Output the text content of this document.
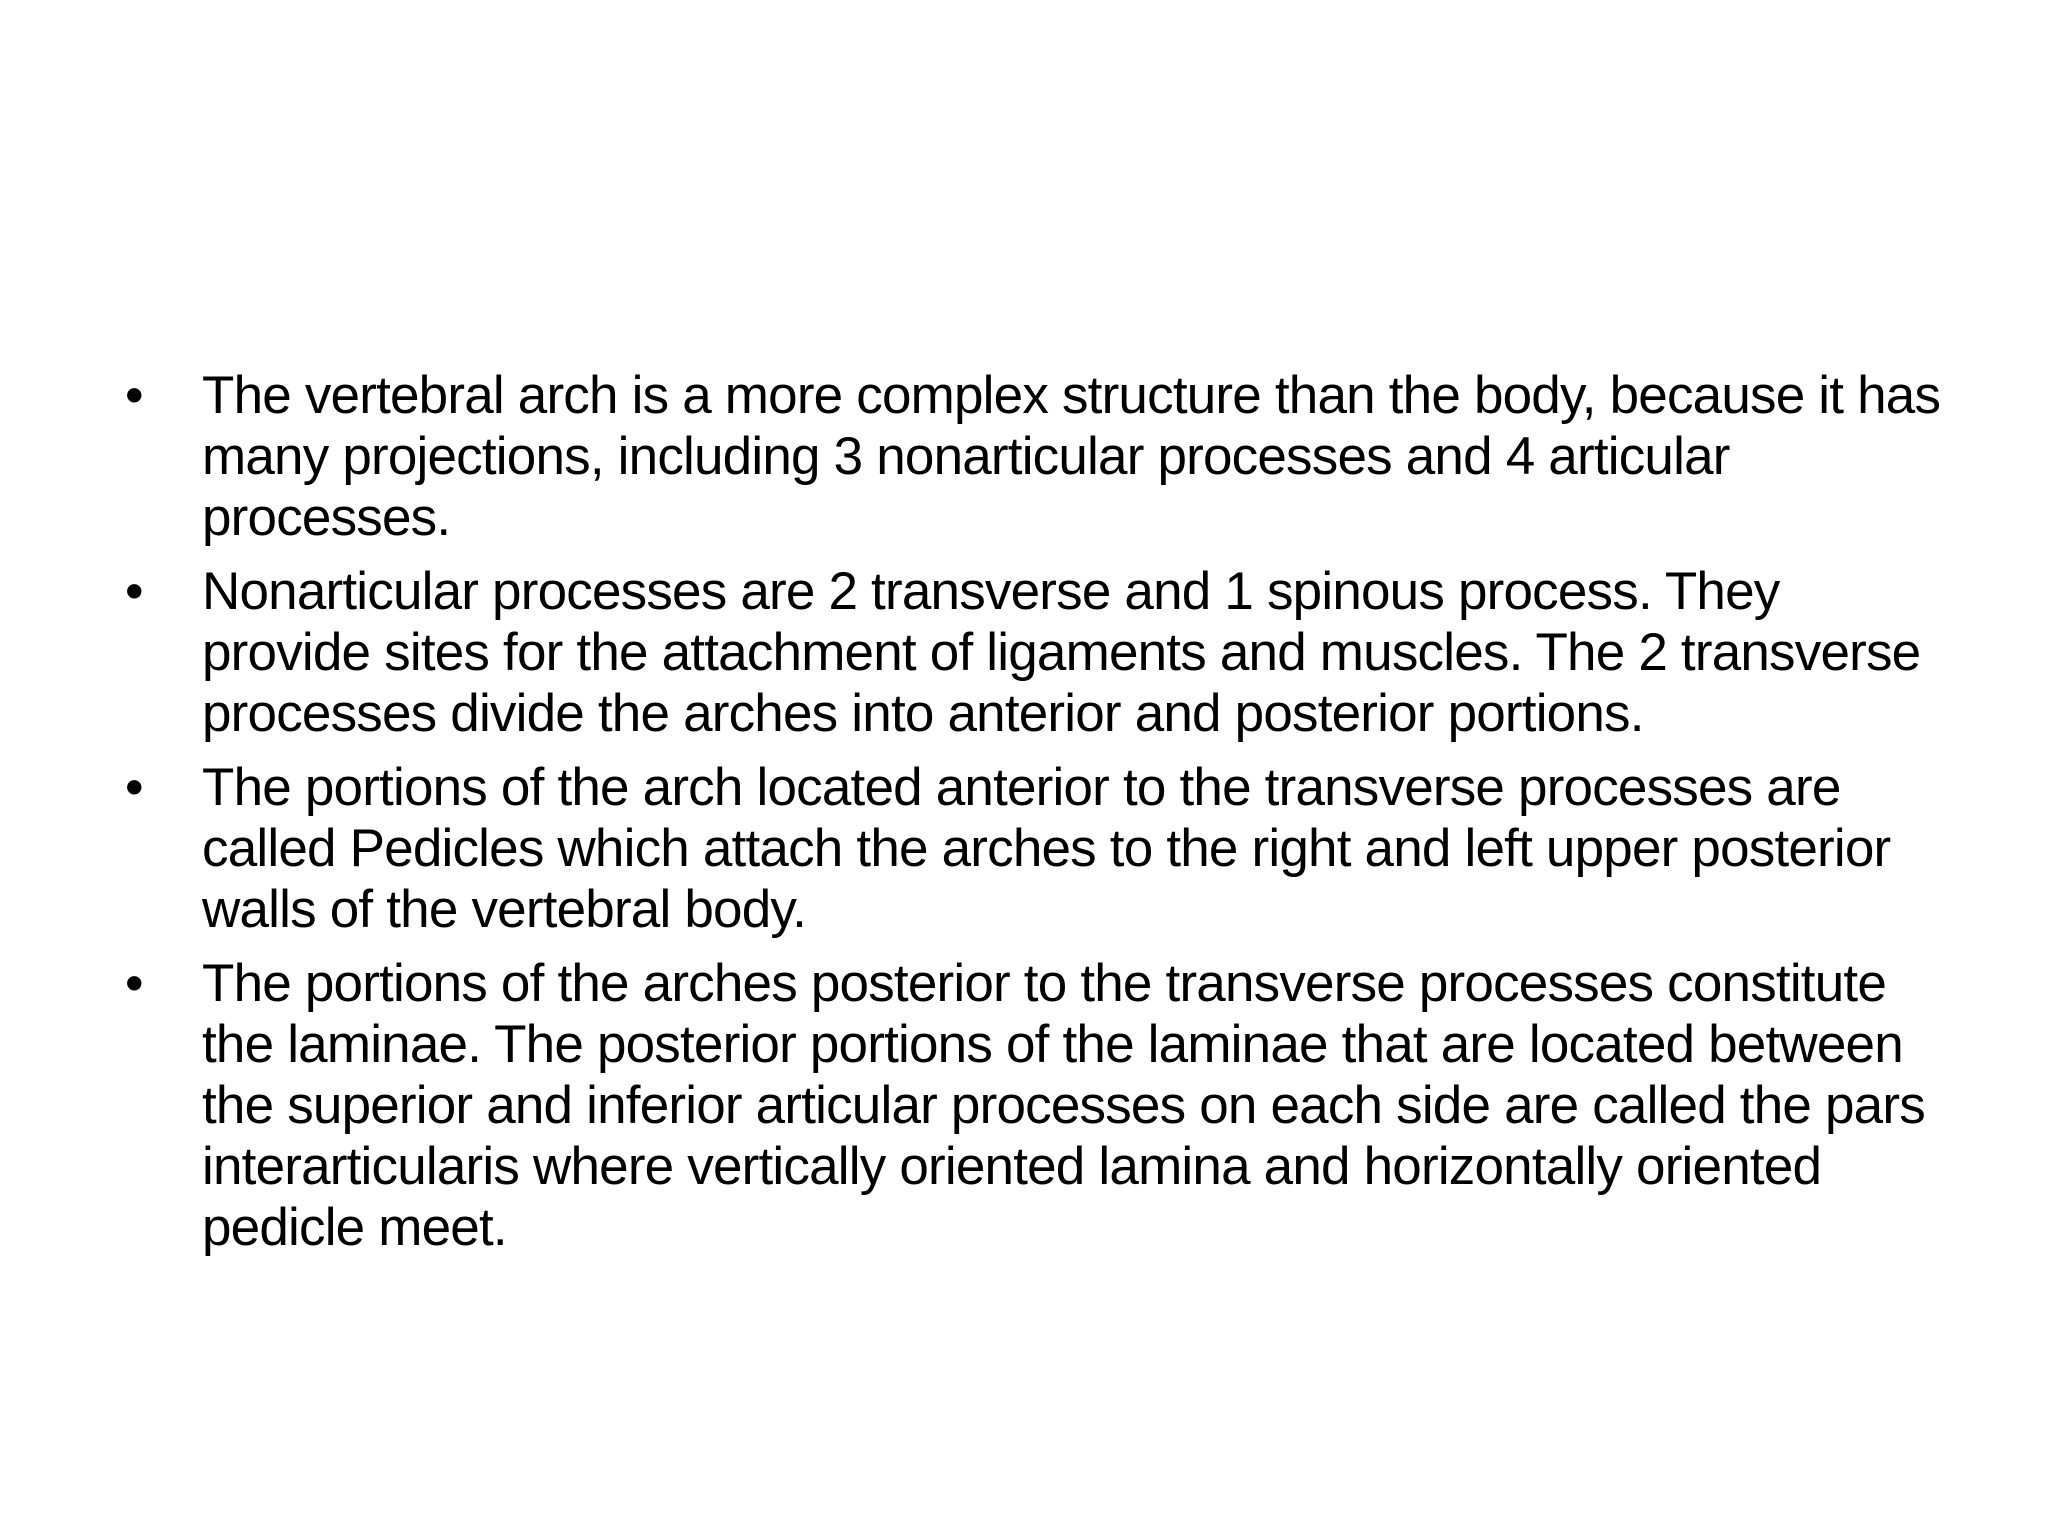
•	The vertebral arch is a more complex structure than the body, because it has many projections, including 3 nonarticular processes and 4 articular processes.
•	Nonarticular processes are 2 transverse and 1 spinous process. They provide sites for the attachment of ligaments and muscles. The 2 transverse processes divide the arches into anterior and posterior portions.
•	The portions of the arch located anterior to the transverse processes are called Pedicles which attach the arches to the right and left upper posterior walls of the vertebral body.
•	The portions of the arches posterior to the transverse processes constitute the laminae. The posterior portions of the laminae that are located between the superior and inferior articular processes on each side are called the pars interarticularis where vertically oriented lamina and horizontally oriented pedicle meet.
